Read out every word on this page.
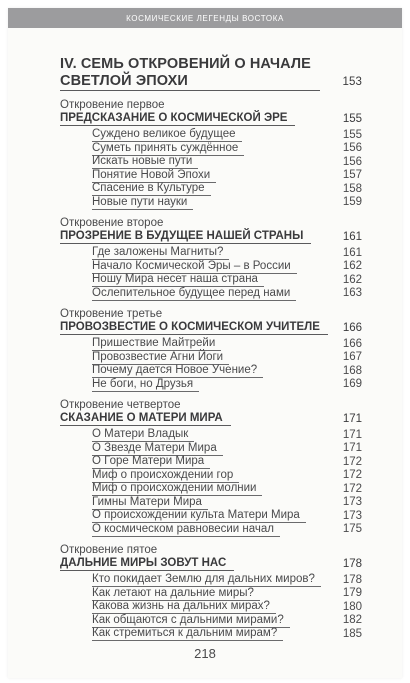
КОСМИЧЕСКИЕ ЛЕГЕНДЫ ВОСТОКА
IV. СЕМЬ ОТКРОВЕНИЙ О НАЧАЛЕ
СВЕТЛОЙ ЭПОХИ	153
Откровение первое
ПРЕДСКАЗАНИЕ О КОСМИЧЕСКОЙ ЭРЕ	155
Суждено великое будущее	155
Суметь принять суждённое	156
Искать новые пути	156
Понятие Новой Эпохи	157
Спасение в Культуре	158
Новые пути науки	159
Откровение второе
ПРОЗРЕНИЕ В БУДУЩЕЕ НАШЕЙ СТРАНЫ	161
Где заложены Магниты?	161
Начало Космической Эры – в России	162
Ношу Мира несет наша страна	162
Ослепительное будущее перед нами	163
Откровение третье
ПРОВОЗВЕСТИЕ О КОСМИЧЕСКОМ УЧИТЕЛЕ 166
Пришествие Майтрейи	166
Провозвестие Агни Йоги	167
Почему дается Новое Учение?	168
Не боги, но Друзья	169
Откровение четвертое
СКАЗАНИЕ О МАТЕРИ МИРА	171
О Матери Владык	171
О Звезде Матери Мира	171
О Горе Матери Мира	172
Миф о происхождении гор	172
Миф о происхождении молнии	172
Гимны Матери Мира	173
О происхождении культа Матери Мира	173
О космическом равновесии начал	175
Откровение пятое
ДАЛЬНИЕ МИРЫ ЗОВУТ НАС	178
Кто покидает Землю для дальних миров? 178
Как летают на дальние миры?	179
Какова жизнь на дальних мирах?	180
Как общаются с дальними мирами?	182
Как стремиться к дальним мирам?	185
218
